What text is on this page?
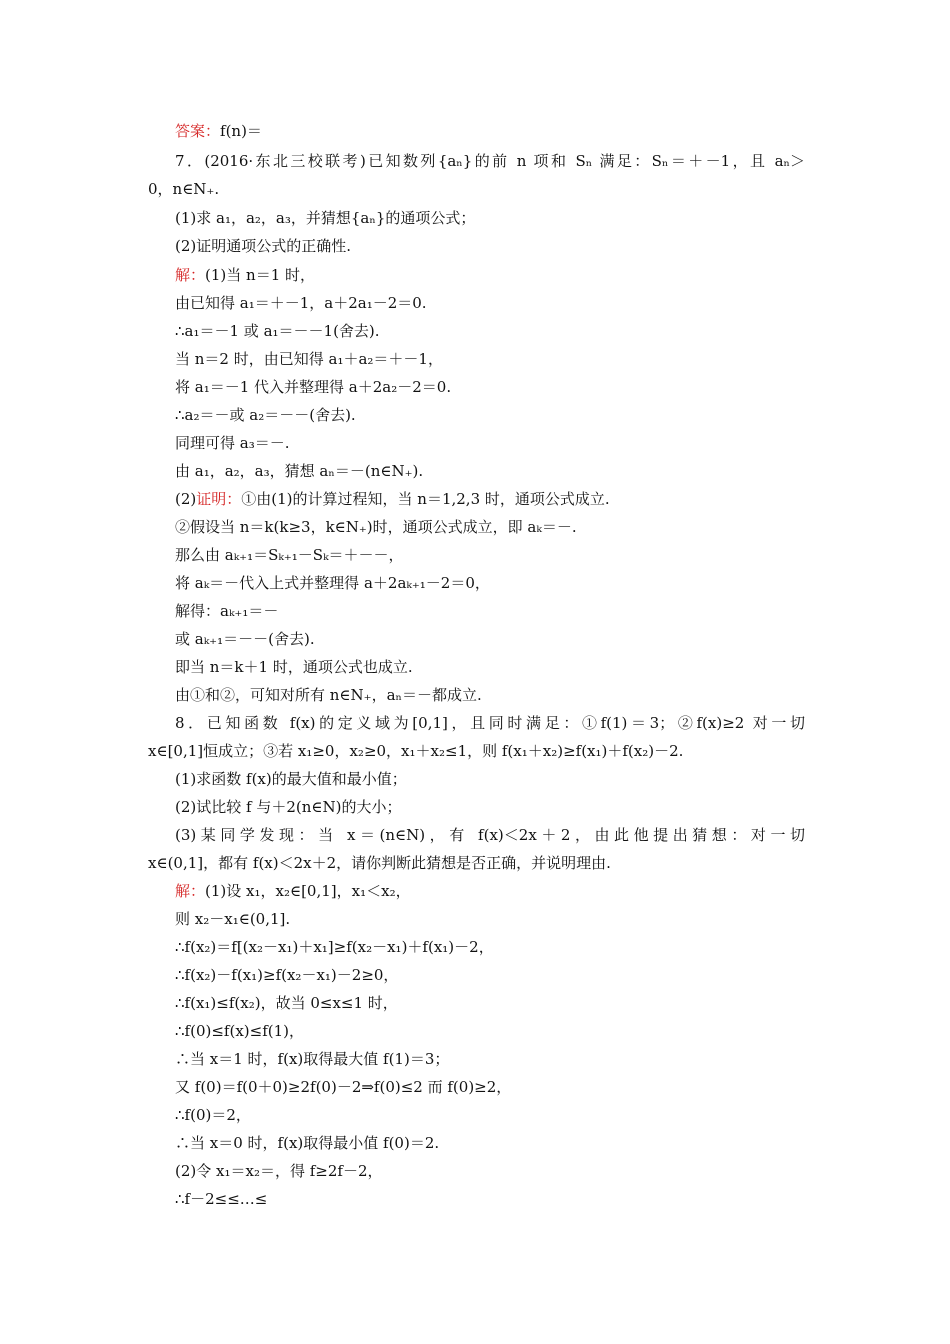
答案：f(n)＝
7．(2016·东北三校联考)已知数列{aₙ}的前 n 项和 Sₙ 满足：Sₙ＝＋－1，且 aₙ＞
0，n∈N₊.
(1)求 a₁，a₂，a₃，并猜想{aₙ}的通项公式；
(2)证明通项公式的正确性.
解：(1)当 n＝1 时，
由已知得 a₁＝＋－1，a＋2a₁－2＝0.
∴a₁＝－1 或 a₁＝－－1(舍去).
当 n＝2 时，由已知得 a₁＋a₂＝＋－1，
将 a₁＝－1 代入并整理得 a＋2a₂－2＝0.
∴a₂＝－或 a₂＝－－(舍去).
同理可得 a₃＝－.
由 a₁，a₂，a₃，猜想 aₙ＝－(n∈N₊).
(2)证明：①由(1)的计算过程知，当 n＝1,2,3 时，通项公式成立.
②假设当 n＝k(k≥3，k∈N₊)时，通项公式成立，即 aₖ＝－.
那么由 aₖ₊₁＝Sₖ₊₁－Sₖ＝＋－－，
将 aₖ＝－代入上式并整理得 a＋2aₖ₊₁－2＝0，
解得：aₖ₊₁＝－
或 aₖ₊₁＝－－(舍去).
即当 n＝k＋1 时，通项公式也成立.
由①和②，可知对所有 n∈N₊，aₙ＝－都成立.
8．已知函数 f(x)的定义域为[0,1]，且同时满足：①f(1)＝3；②f(x)≥2 对一切
x∈[0,1]恒成立；③若 x₁≥0，x₂≥0，x₁＋x₂≤1，则 f(x₁＋x₂)≥f(x₁)＋f(x₂)－2.
(1)求函数 f(x)的最大值和最小值；
(2)试比较 f 与＋2(n∈N)的大小；
(3)某同学发现：当 x＝(n∈N)，有 f(x)＜2x＋2，由此他提出猜想：对一切
x∈(0,1]，都有 f(x)＜2x＋2，请你判断此猜想是否正确，并说明理由.
解：(1)设 x₁，x₂∈[0,1]，x₁＜x₂，
则 x₂－x₁∈(0,1].
∴f(x₂)＝f[(x₂－x₁)＋x₁]≥f(x₂－x₁)＋f(x₁)－2，
∴f(x₂)－f(x₁)≥f(x₂－x₁)－2≥0，
∴f(x₁)≤f(x₂)，故当 0≤x≤1 时，
∴f(0)≤f(x)≤f(1)，
∴当 x＝1 时，f(x)取得最大值 f(1)＝3；
又 f(0)＝f(0＋0)≥2f(0)－2⇒f(0)≤2 而 f(0)≥2，
∴f(0)＝2，
∴当 x＝0 时，f(x)取得最小值 f(0)＝2.
(2)令 x₁＝x₂＝，得 f≥2f－2，
∴f－2≤≤…≤
